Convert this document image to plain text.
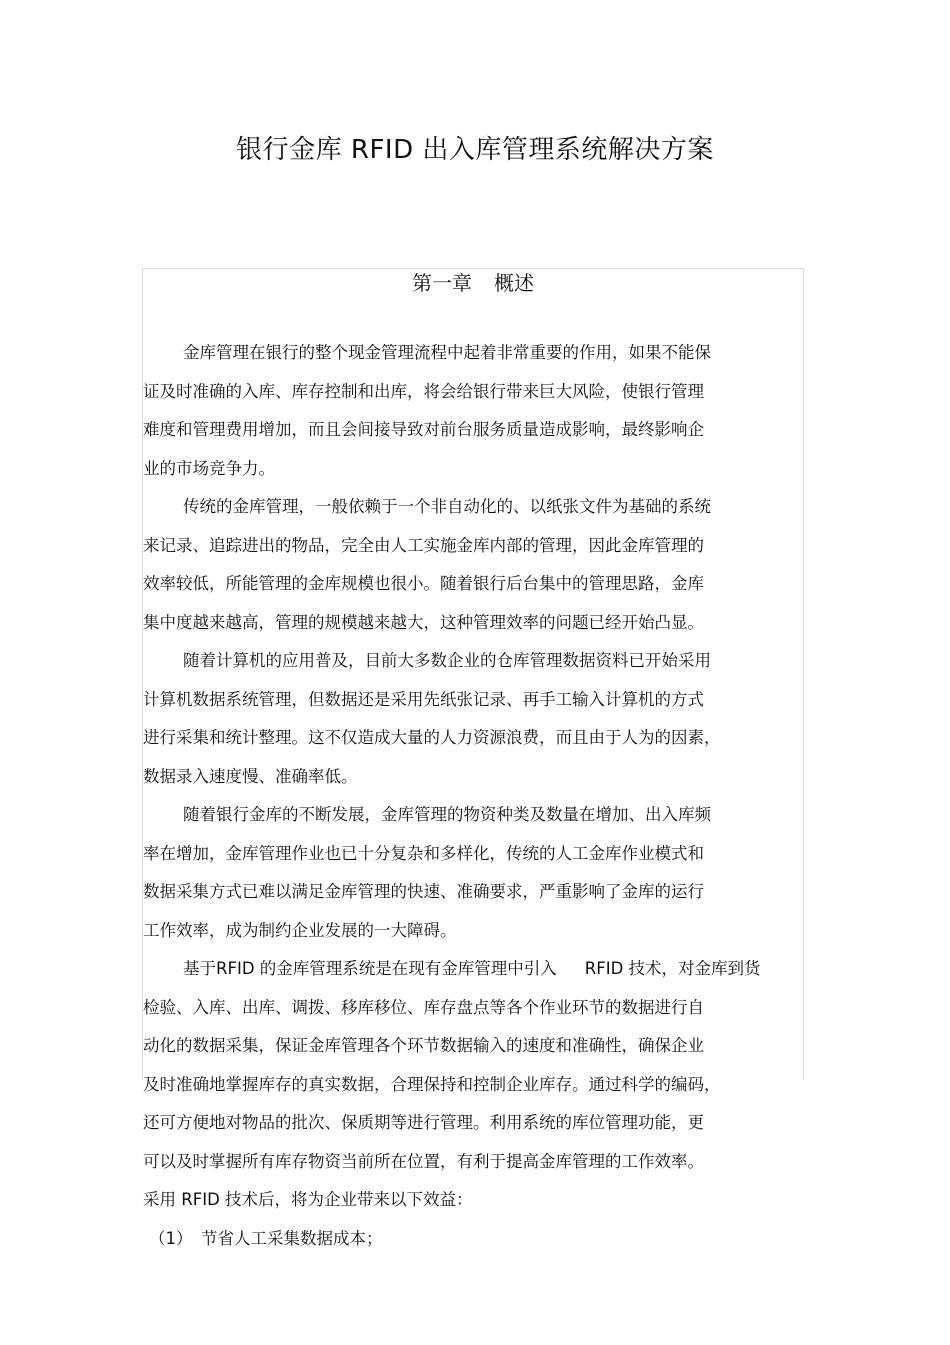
银行金库 RFID 出入库管理系统解决方案
第一章 概述

金库管理在银行的整个现金管理流程中起着非常重要的作用，如果不能保
证及时准确的入库、库存控制和出库，将会给银行带来巨大风险，使银行管理
难度和管理费用增加，而且会间接导致对前台服务质量造成影响，最终影响企
业的市场竞争力。

传统的金库管理，一般依赖于一个非自动化的、以纸张文件为基础的系统
来记录、追踪进出的物品，完全由人工实施金库内部的管理，因此金库管理的
效率较低，所能管理的金库规模也很小。随着银行后台集中的管理思路，金库
集中度越来越高，管理的规模越来越大，这种管理效率的问题已经开始凸显。

随着计算机的应用普及，目前大多数企业的仓库管理数据资料已开始采用
计算机数据系统管理，但数据还是采用先纸张记录、再手工输入计算机的方式
进行采集和统计整理。这不仅造成大量的人力资源浪费，而且由于人为的因素，
数据录入速度慢、准确率低。

随着银行金库的不断发展，金库管理的物资种类及数量在增加、出入库频
率在增加，金库管理作业也已十分复杂和多样化，传统的人工金库作业模式和
数据采集方式已难以满足金库管理的快速、准确要求，严重影响了金库的运行
工作效率，成为制约企业发展的一大障碍。

基于RFID 的金库管理系统是在现有金库管理中引入 RFID 技术，对金库到货
检验、入库、出库、调拨、移库移位、库存盘点等各个作业环节的数据进行自
动化的数据采集，保证金库管理各个环节数据输入的速度和准确性，确保企业
及时准确地掌握库存的真实数据，合理保持和控制企业库存。通过科学的编码，
还可方便地对物品的批次、保质期等进行管理。利用系统的库位管理功能，更
可以及时掌握所有库存物资当前所在位置，有利于提高金库管理的工作效率。

采用 RFID 技术后，将为企业带来以下效益：

（1） 节省人工采集数据成本；
